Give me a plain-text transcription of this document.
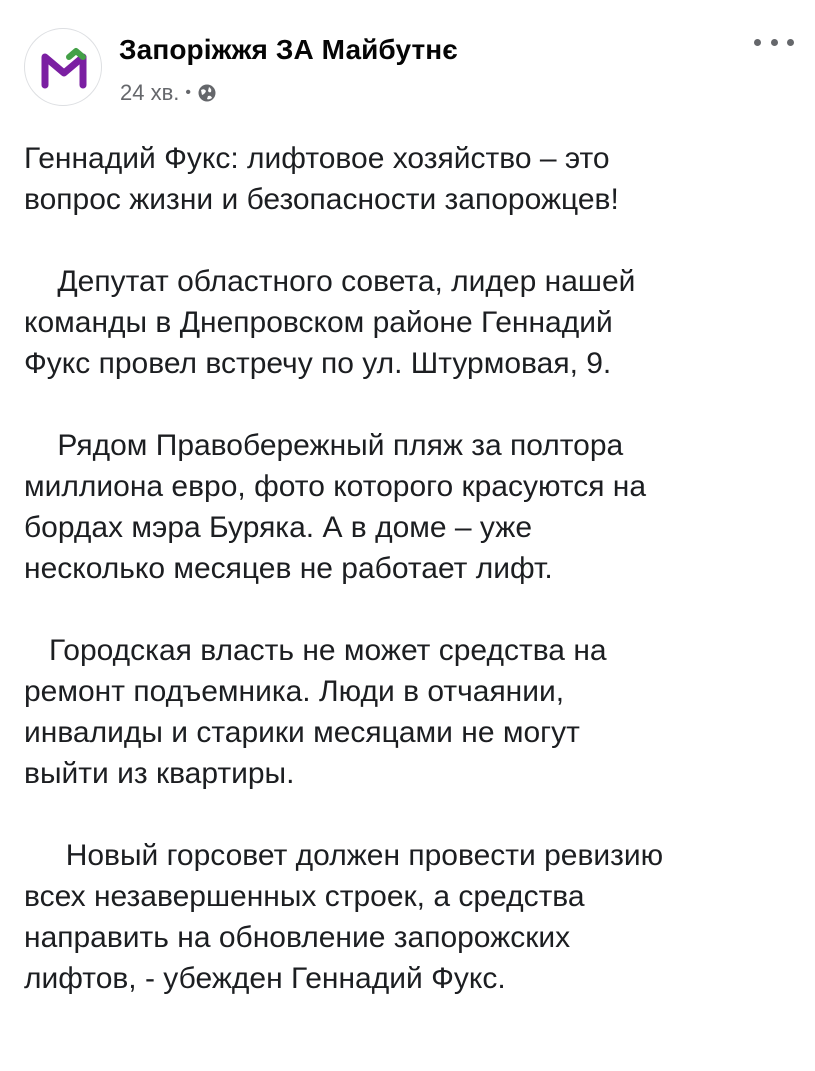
Запоріжжя ЗА Майбутнє
24 хв. •

Геннадий Фукс: лифтовое хозяйство – это
вопрос жизни и безопасности запорожцев!

Депутат областного совета, лидер нашей
команды в Днепровском районе Геннадий
Фукс провел встречу по ул. Штурмовая, 9.

Рядом Правобережный пляж за полтора
миллиона евро, фото которого красуются на
бордах мэра Буряка. А в доме – уже
несколько месяцев не работает лифт.

Городская власть не может средства на
ремонт подъемника. Люди в отчаянии,
инвалиды и старики месяцами не могут
выйти из квартиры.

Новый горсовет должен провести ревизию
всех незавершенных строек, а средства
направить на обновление запорожских
лифтов, - убежден Геннадий Фукс.
